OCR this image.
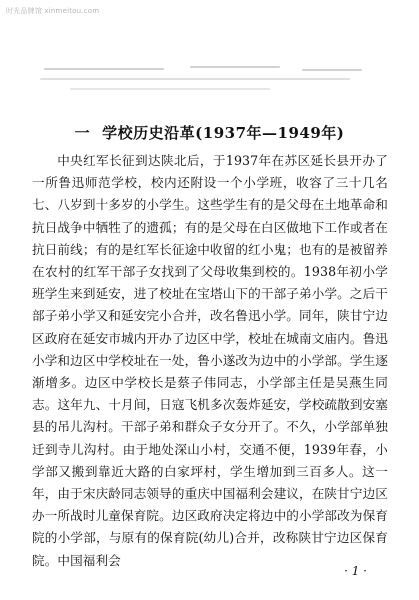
时光品牌馆 xinmeitou.com
一 学校历史沿革(1937年—1949年)

中央红军长征到达陕北后，于1937年在苏区延长县开办了一所鲁迅师范学校，校内还附设一个小学班，收容了三十几名七、八岁到十多岁的小学生。这些学生有的是父母在土地革命和抗日战争中牺牲了的遗孤；有的是父母在白区做地下工作或者在抗日前线；有的是红军长征途中收留的红小鬼；也有的是被留养在农村的红军干部子女找到了父母收集到校的。1938年初小学班学生来到延安，进了校址在宝塔山下的干部子弟小学。之后干部子弟小学又和延安完小合并，改名鲁迅小学。同年，陕甘宁边区政府在延安市城内开办了边区中学，校址在城南文庙内。鲁迅小学和边区中学校址在一处，鲁小遂改为边中的小学部。学生逐渐增多。边区中学校长是蔡子伟同志，小学部主任是吴燕生同志。这年九、十月间，日寇飞机多次轰炸延安，学校疏散到安塞县的吊儿沟村。干部子弟和群众子女分开了。不久，小学部单独迁到寺儿沟村。由于地处深山小村，交通不便，1939年春，小学部又搬到靠近大路的白家坪村，学生增加到三百多人。这一年，由于宋庆龄同志领导的重庆中国福利会建议，在陕甘宁边区办一所战时儿童保育院。边区政府决定将边中的小学部改为保育院的小学部，与原有的保育院(幼儿)合并，改称陕甘宁边区保育院。中国福利会

· 1 ·
